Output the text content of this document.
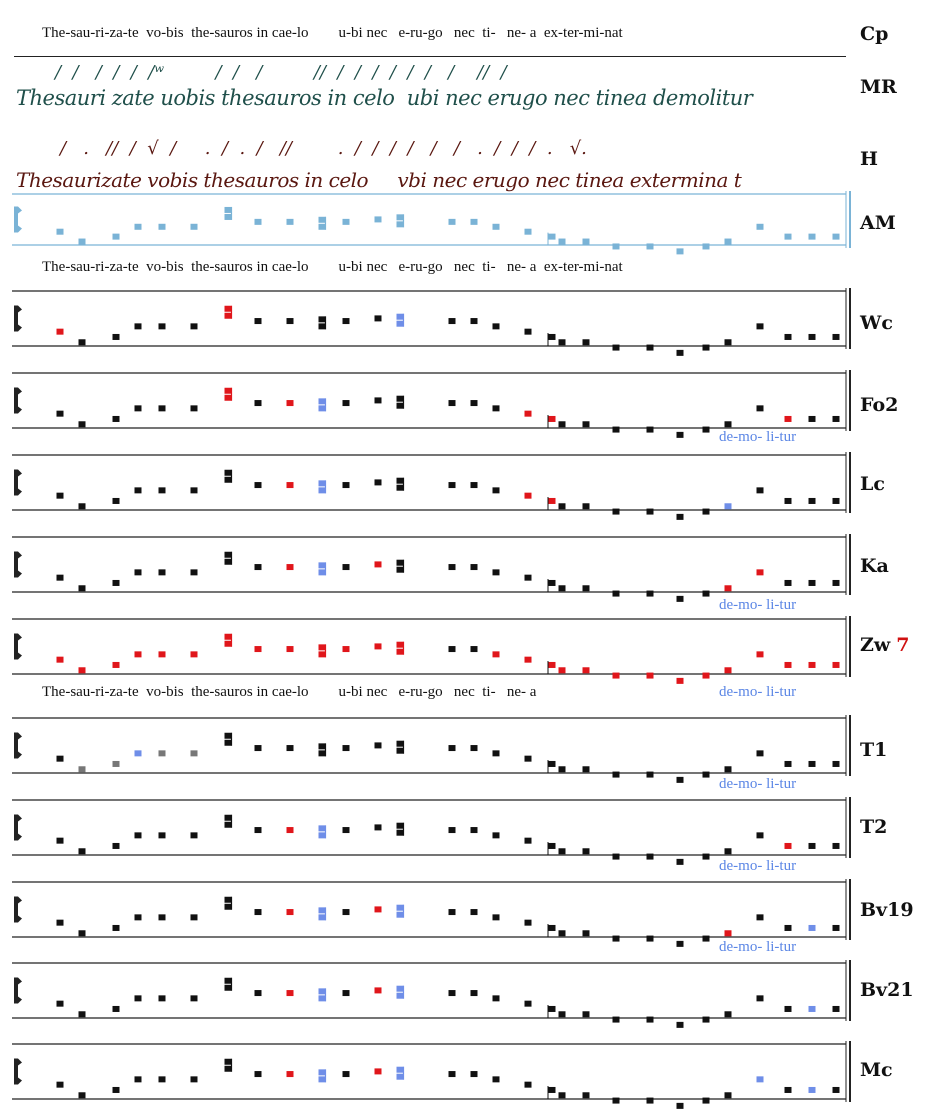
The-sau-ri-za-te  vo-bis  the-sauros in cae-lo        u-bi nec   e-ru-go   nec  ti-   ne- a  ex-ter-mi-nat	Cp
/  /   /  /  /  /ʷ         /  /   /         //  /  /  /  /  /  /   /    //  /
Thesauri zate uobis thesauros in celo  ubi nec erugo nec tinea demolitur	MR
/   .   //  /  √  /     .  /  .  /   //        .  /  /  /  /   /   /   .  /  /  /  .   √.
Thesaurizate vobis thesauros in celo     vbi nec erugo nec tinea extermina t
H
AM
The-sau-ri-za-te  vo-bis  the-sauros in cae-lo        u-bi nec   e-ru-go   nec  ti-   ne- a  ex-ter-mi-nat
Wc
Fo2
de-mo- li-tur
Lc
Ka
de-mo- li-tur
Zw 7
The-sau-ri-za-te  vo-bis  the-sauros in cae-lo        u-bi nec   e-ru-go   nec  ti-   ne- a	de-mo- li-tur
T1
de-mo- li-tur
T2
de-mo- li-tur
Bv19
de-mo- li-tur
Bv21
Mc
